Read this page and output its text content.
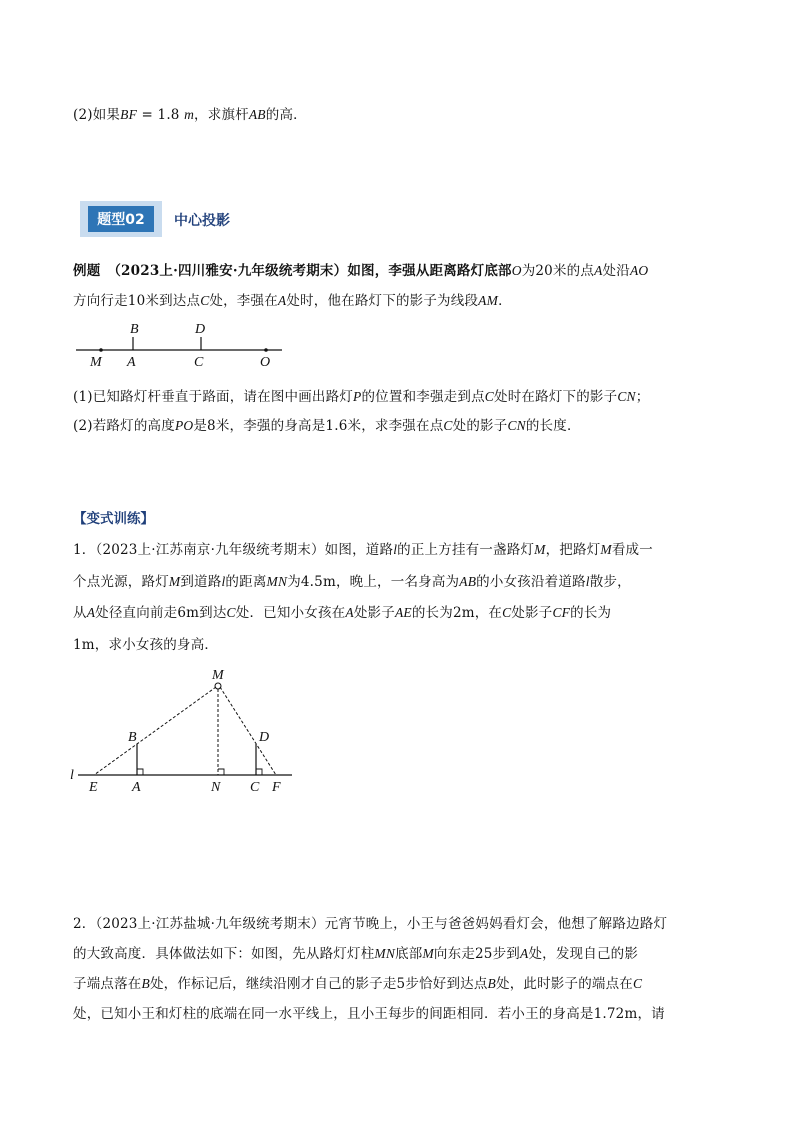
(2)如果BF = 1.8 m，求旗杆AB的高．
题型02	中心投影
例题　（2023上·四川雅安·九年级统考期末）如图，李强从距离路灯底部O为20米的点A处沿AO
方向行走10米到达点C处，李强在A处时，他在路灯下的影子为线段AM．
B	D
M A	C	O
(1)已知路灯杆垂直于路面，请在图中画出路灯P的位置和李强走到点C处时在路灯下的影子CN；
(2)若路灯的高度PO是8米，李强的身高是1.6米，求李强在点C处的影子CN的长度．
【变式训练】
1．（2023上·江苏南京·九年级统考期末）如图，道路l的正上方挂有一盏路灯M，把路灯M看成一
个点光源，路灯M到道路l的距离MN为4.5m，晚上，一名身高为AB的小女孩沿着道路l散步，
从A处径直向前走6m到达C处．已知小女孩在A处影子AE的长为2m，在C处影子CF的长为
1m，求小女孩的身高．
M
B	D
l
E A	N C F
2．（2023上·江苏盐城·九年级统考期末）元宵节晚上，小王与爸爸妈妈看灯会，他想了解路边路灯
的大致高度．具体做法如下：如图，先从路灯灯柱MN底部M向东走25步到A处，发现自己的影
子端点落在B处，作标记后，继续沿刚才自己的影子走5步恰好到达点B处，此时影子的端点在C
处，已知小王和灯柱的底端在同一水平线上，且小王每步的间距相同．若小王的身高是1.72m，请
